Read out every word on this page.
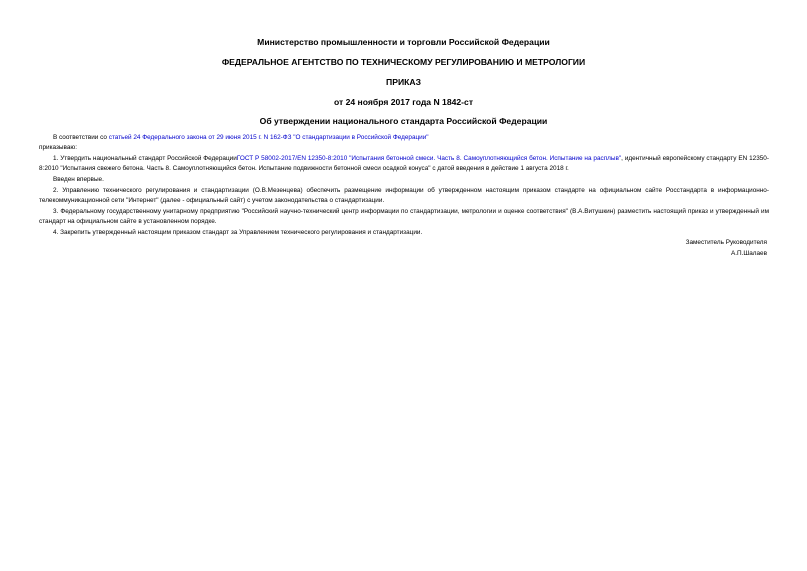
Министерство промышленности и торговли Российской Федерации
ФЕДЕРАЛЬНОЕ АГЕНТСТВО ПО ТЕХНИЧЕСКОМУ РЕГУЛИРОВАНИЮ И МЕТРОЛОГИИ
ПРИКАЗ
от 24 ноября 2017 года N 1842-ст
Об утверждении национального стандарта Российской Федерации
В соответствии со статьей 24 Федерального закона от 29 июня 2015 г. N 162-ФЗ "О стандартизации в Российской Федерации"
приказываю:
1. Утвердить национальный стандарт Российской ФедерацииГОСТ Р 58002-2017/EN 12350-8:2010 "Испытания бетонной смеси. Часть 8. Самоуплотняющийся бетон. Испытание на расплыв", идентичный европейскому стандарту EN 12350-8:2010 "Испытания свежего бетона. Часть 8. Самоуплотняющийся бетон. Испытание подвижности бетонной смеси осадкой конуса" с датой введения в действие 1 августа 2018 г.
Введен впервые.
2. Управлению технического регулирования и стандартизации (О.В.Мезенцева) обеспечить размещение информации об утвержденном настоящим приказом стандарте на официальном сайте Росстандарта в информационно-телекоммуникационной сети "Интернет" (далее - официальный сайт) с учетом законодательства о стандартизации.
3. Федеральному государственному унитарному предприятию "Российский научно-технический центр информации по стандартизации, метрологии и оценке соответствия" (В.А.Витушкин) разместить настоящий приказ и утвержденный им стандарт на официальном сайте в установленном порядке.
4. Закрепить утвержденный настоящим приказом стандарт за Управлением технического регулирования и стандартизации.
Заместитель Руководителя
А.П.Шалаев
